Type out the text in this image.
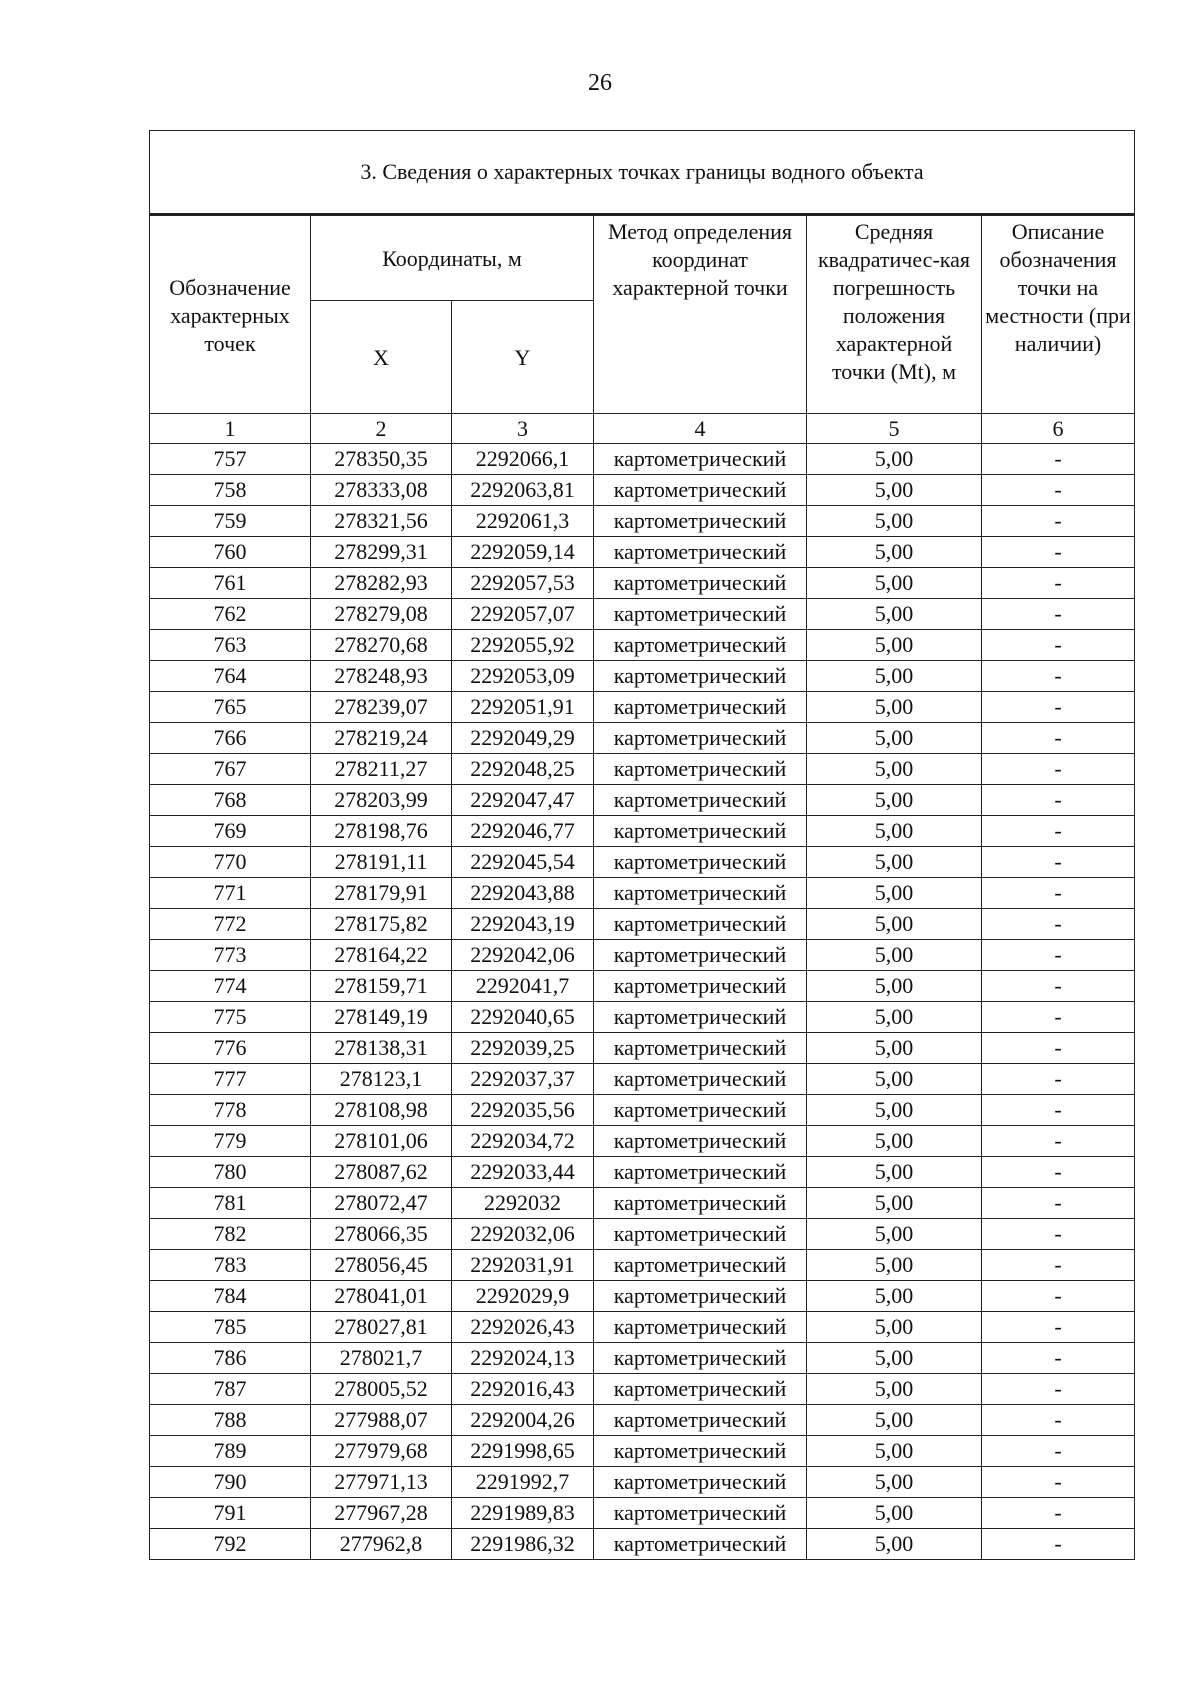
26
3. Сведения о характерных точках границы водного объекта					
Обозначение характерных точек	Координаты, м		Метод определения координат характерной точки	Средняя квадратичес-кая погрешность положения характерной точки (Mt), м	Описание обозначения точки на местности (при наличии)
	X	Y			
1	2	3	4	5	6
757	278350,35	2292066,1	картометрический	5,00	-
758	278333,08	2292063,81	картометрический	5,00	-
759	278321,56	2292061,3	картометрический	5,00	-
760	278299,31	2292059,14	картометрический	5,00	-
761	278282,93	2292057,53	картометрический	5,00	-
762	278279,08	2292057,07	картометрический	5,00	-
763	278270,68	2292055,92	картометрический	5,00	-
764	278248,93	2292053,09	картометрический	5,00	-
765	278239,07	2292051,91	картометрический	5,00	-
766	278219,24	2292049,29	картометрический	5,00	-
767	278211,27	2292048,25	картометрический	5,00	-
768	278203,99	2292047,47	картометрический	5,00	-
769	278198,76	2292046,77	картометрический	5,00	-
770	278191,11	2292045,54	картометрический	5,00	-
771	278179,91	2292043,88	картометрический	5,00	-
772	278175,82	2292043,19	картометрический	5,00	-
773	278164,22	2292042,06	картометрический	5,00	-
774	278159,71	2292041,7	картометрический	5,00	-
775	278149,19	2292040,65	картометрический	5,00	-
776	278138,31	2292039,25	картометрический	5,00	-
777	278123,1	2292037,37	картометрический	5,00	-
778	278108,98	2292035,56	картометрический	5,00	-
779	278101,06	2292034,72	картометрический	5,00	-
780	278087,62	2292033,44	картометрический	5,00	-
781	278072,47	2292032	картометрический	5,00	-
782	278066,35	2292032,06	картометрический	5,00	-
783	278056,45	2292031,91	картометрический	5,00	-
784	278041,01	2292029,9	картометрический	5,00	-
785	278027,81	2292026,43	картометрический	5,00	-
786	278021,7	2292024,13	картометрический	5,00	-
787	278005,52	2292016,43	картометрический	5,00	-
788	277988,07	2292004,26	картометрический	5,00	-
789	277979,68	2291998,65	картометрический	5,00	-
790	277971,13	2291992,7	картометрический	5,00	-
791	277967,28	2291989,83	картометрический	5,00	-
792	277962,8	2291986,32	картометрический	5,00	-
